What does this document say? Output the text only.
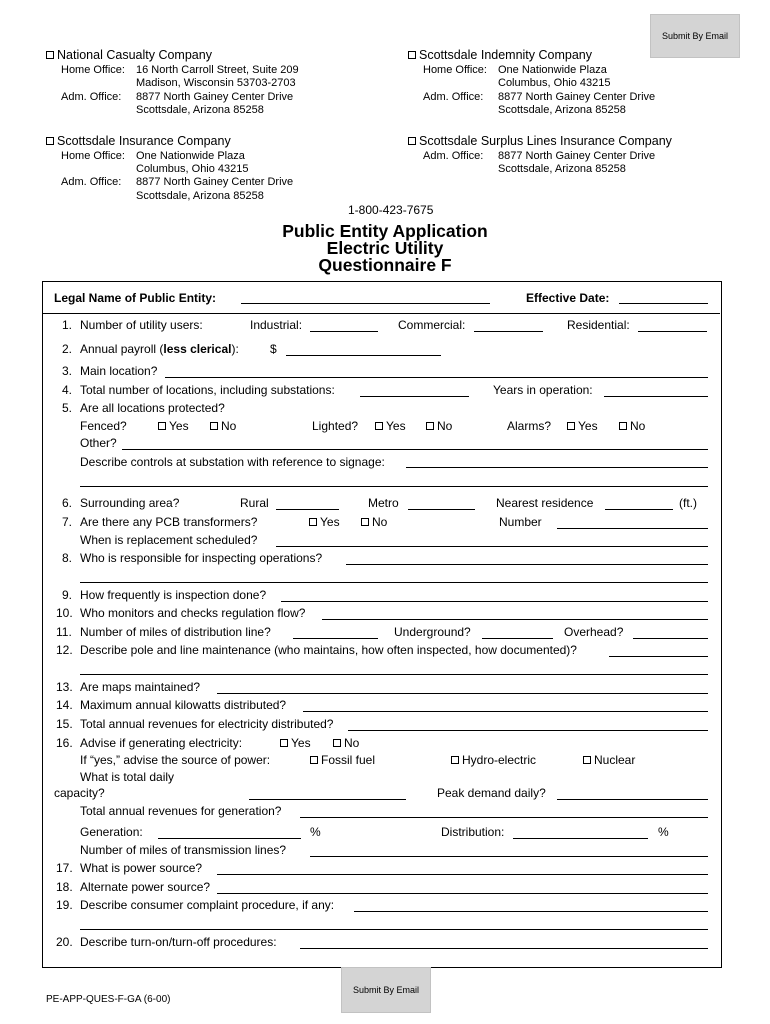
Submit By Email
National Casualty Company
Home Office: 16 North Carroll Street, Suite 209
Madison, Wisconsin 53703-2703
Adm. Office: 8877 North Gainey Center Drive
Scottsdale, Arizona 85258
Scottsdale Indemnity Company
Home Office: One Nationwide Plaza
Columbus, Ohio 43215
Adm. Office: 8877 North Gainey Center Drive
Scottsdale, Arizona 85258
Scottsdale Insurance Company
Home Office: One Nationwide Plaza
Columbus, Ohio 43215
Adm. Office: 8877 North Gainey Center Drive
Scottsdale, Arizona 85258
Scottsdale Surplus Lines Insurance Company
Adm. Office: 8877 North Gainey Center Drive
Scottsdale, Arizona 85258
1-800-423-7675
Public Entity Application
Electric Utility
Questionnaire F
Legal Name of Public Entity:	Effective Date:
1. Number of utility users:	Industrial:	Commercial:	Residential:
2. Annual payroll (less clerical):	$
3. Main location?
4. Total number of locations, including substations:	Years in operation:
5. Are all locations protected?
Fenced?	Yes	No	Lighted?	Yes	No	Alarms?	Yes	No
Other?
Describe controls at substation with reference to signage:
6. Surrounding area?	Rural	Metro	Nearest residence	(ft.)
7. Are there any PCB transformers?	Yes	No	Number
When is replacement scheduled?
8. Who is responsible for inspecting operations?
9. How frequently is inspection done?
10. Who monitors and checks regulation flow?
11. Number of miles of distribution line?	Underground?	Overhead?
12. Describe pole and line maintenance (who maintains, how often inspected, how documented)?
13. Are maps maintained?
14. Maximum annual kilowatts distributed?
15. Total annual revenues for electricity distributed?
16. Advise if generating electricity:	Yes	No
If “yes,” advise the source of power:	Fossil fuel	Hydro-electric	Nuclear
What is total daily
capacity?	Peak demand daily?
Total annual revenues for generation?
Generation:	%	Distribution:	%
Number of miles of transmission lines?
17. What is power source?
18. Alternate power source?
19. Describe consumer complaint procedure, if any:
20. Describe turn-on/turn-off procedures:
Submit By Email
PE-APP-QUES-F-GA (6-00)
